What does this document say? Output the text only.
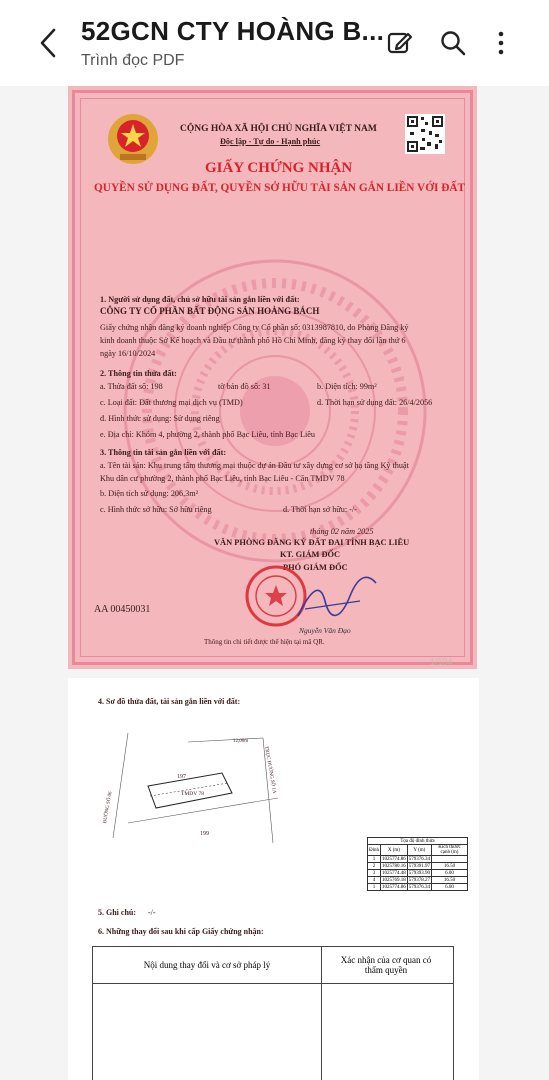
52GCN CTY HOÀNG B...
Trình đọc PDF
CỘNG HÒA XÃ HỘI CHỦ NGHĨA VIỆT NAM
Độc lập - Tự do - Hạnh phúc
GIẤY CHỨNG NHẬN
QUYỀN SỬ DỤNG ĐẤT, QUYỀN SỞ HỮU TÀI SẢN GẮN LIỀN VỚI ĐẤT
1. Người sử dụng đất, chủ sở hữu tài sản gắn liền với đất:
CÔNG TY CỔ PHẦN BẤT ĐỘNG SẢN HOÀNG BÁCH
Giấy chứng nhận đăng ký doanh nghiệp Công ty Cổ phần số: 0313987810, do Phòng Đăng ký
kinh doanh thuộc Sở Kế hoạch và Đầu tư thành phố Hồ Chí Minh, đăng ký thay đổi lần thứ 6
ngày 16/10/2024
2. Thông tin thửa đất:
a. Thửa đất số: 198	tờ bản đồ số: 31	b. Diện tích: 99m²
c. Loại đất: Đất thương mại dịch vụ (TMD)	d. Thời hạn sử dụng đất: 26/4/2056
đ. Hình thức sử dụng: Sử dụng riêng
e. Địa chỉ: Khóm 4, phường 2, thành phố Bạc Liêu, tỉnh Bạc Liêu
3. Thông tin tài sản gắn liền với đất:
a. Tên tài sản: Khu trung tâm thương mại thuộc dự án Đầu tư xây dựng cơ sở hạ tầng Kỹ thuật
Khu dân cư phường 2, thành phố Bạc Liêu, tỉnh Bạc Liêu - Căn TMDV 78
b. Diện tích sử dụng: 206,3m²
c. Hình thức sở hữu: Sở hữu riêng	d. Thời hạn sở hữu: -/-
tháng 02 năm 2025
VĂN PHÒNG ĐĂNG KÝ ĐẤT ĐAI TỈNH BẠC LIÊU
KT. GIÁM ĐỐC
PHÓ GIÁM ĐỐC
Nguyễn Văn Đạo
AA 00450031
Thông tin chi tiết được thể hiện tại mã QR.
1/104
4. Sơ đồ thửa đất, tài sản gắn liền với đất:
197
199
TMDV 78
12,00m
ĐƯỜNG SỐ 06
TRỤC ĐƯỜNG SỐ 1A
Tọa độ đỉnh thửa			
Đỉnh	X (m)	Y (m)	Kích thước cạnh (m)
1	1025774.86	579376.34	
2	1025780.16	579391.97	16.50
3	1025774.48	579393.90	6.00
4	1025769.18	579378.27	16.50
1	1025774.86	579376.34	6.00
5. Ghi chú: -/-
6. Những thay đổi sau khi cấp Giấy chứng nhận:
Nội dung thay đổi và cơ sở pháp lý	Xác nhận của cơ quan có thẩm quyền
